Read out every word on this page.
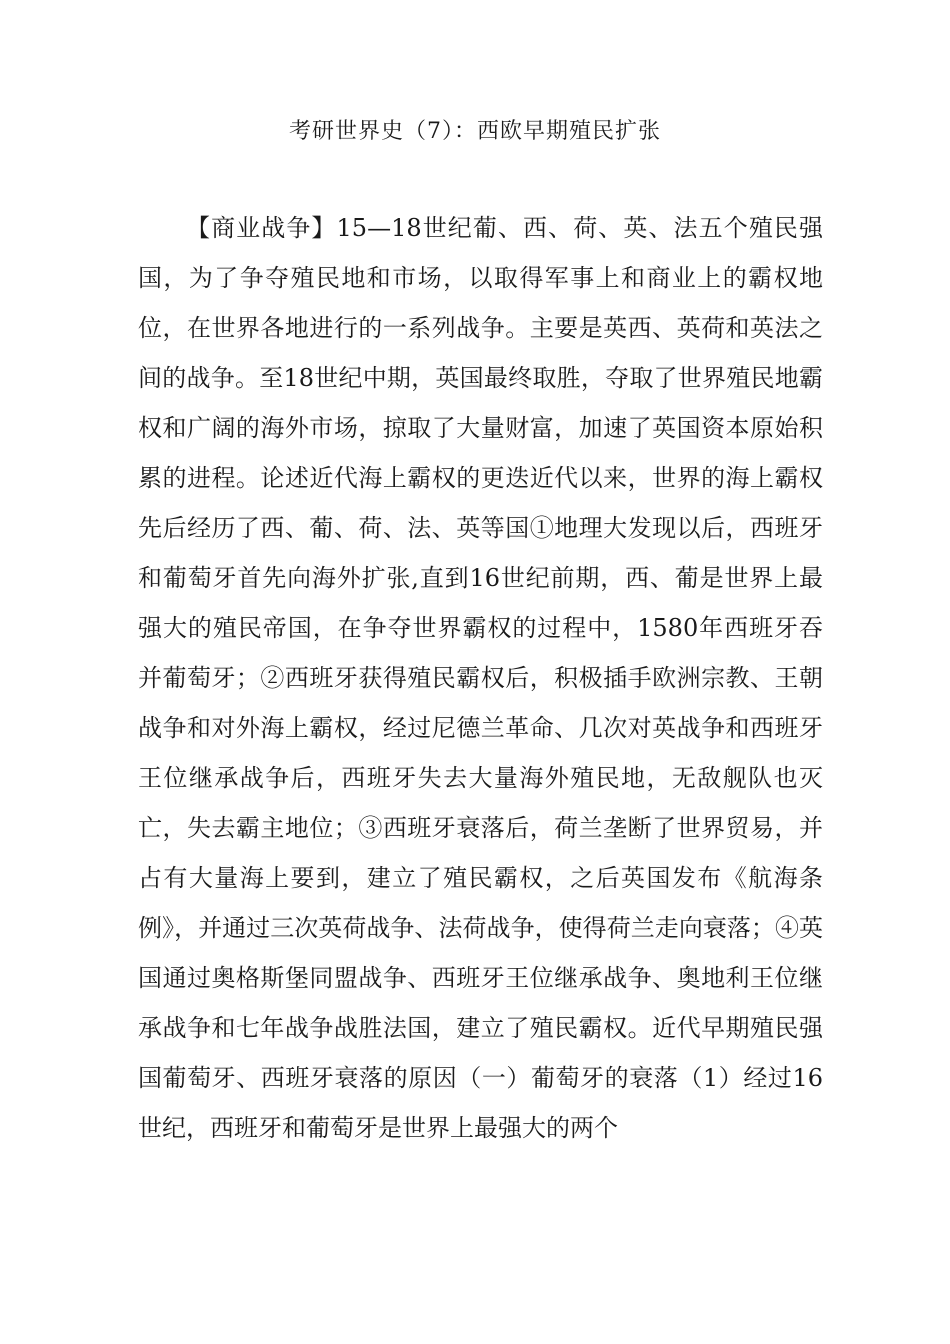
考研世界史（7）：西欧早期殖民扩张

【商业战争】15—18世纪葡、西、荷、英、法五个殖民强国，为了争夺殖民地和市场，以取得军事上和商业上的霸权地位，在世界各地进行的一系列战争。主要是英西、英荷和英法之间的战争。至18世纪中期，英国最终取胜，夺取了世界殖民地霸权和广阔的海外市场，掠取了大量财富，加速了英国资本原始积累的进程。论述近代海上霸权的更迭近代以来，世界的海上霸权先后经历了西、葡、荷、法、英等国①地理大发现以后，西班牙和葡萄牙首先向海外扩张,直到16世纪前期，西、葡是世界上最强大的殖民帝国，在争夺世界霸权的过程中，1580年西班牙吞并葡萄牙；②西班牙获得殖民霸权后，积极插手欧洲宗教、王朝战争和对外海上霸权，经过尼德兰革命、几次对英战争和西班牙王位继承战争后，西班牙失去大量海外殖民地，无敌舰队也灭亡，失去霸主地位；③西班牙衰落后，荷兰垄断了世界贸易，并占有大量海上要到，建立了殖民霸权，之后英国发布《航海条例》，并通过三次英荷战争、法荷战争，使得荷兰走向衰落；④英国通过奥格斯堡同盟战争、西班牙王位继承战争、奥地利王位继承战争和七年战争战胜法国，建立了殖民霸权。近代早期殖民强国葡萄牙、西班牙衰落的原因（一）葡萄牙的衰落（1）经过16世纪，西班牙和葡萄牙是世界上最强大的两个
